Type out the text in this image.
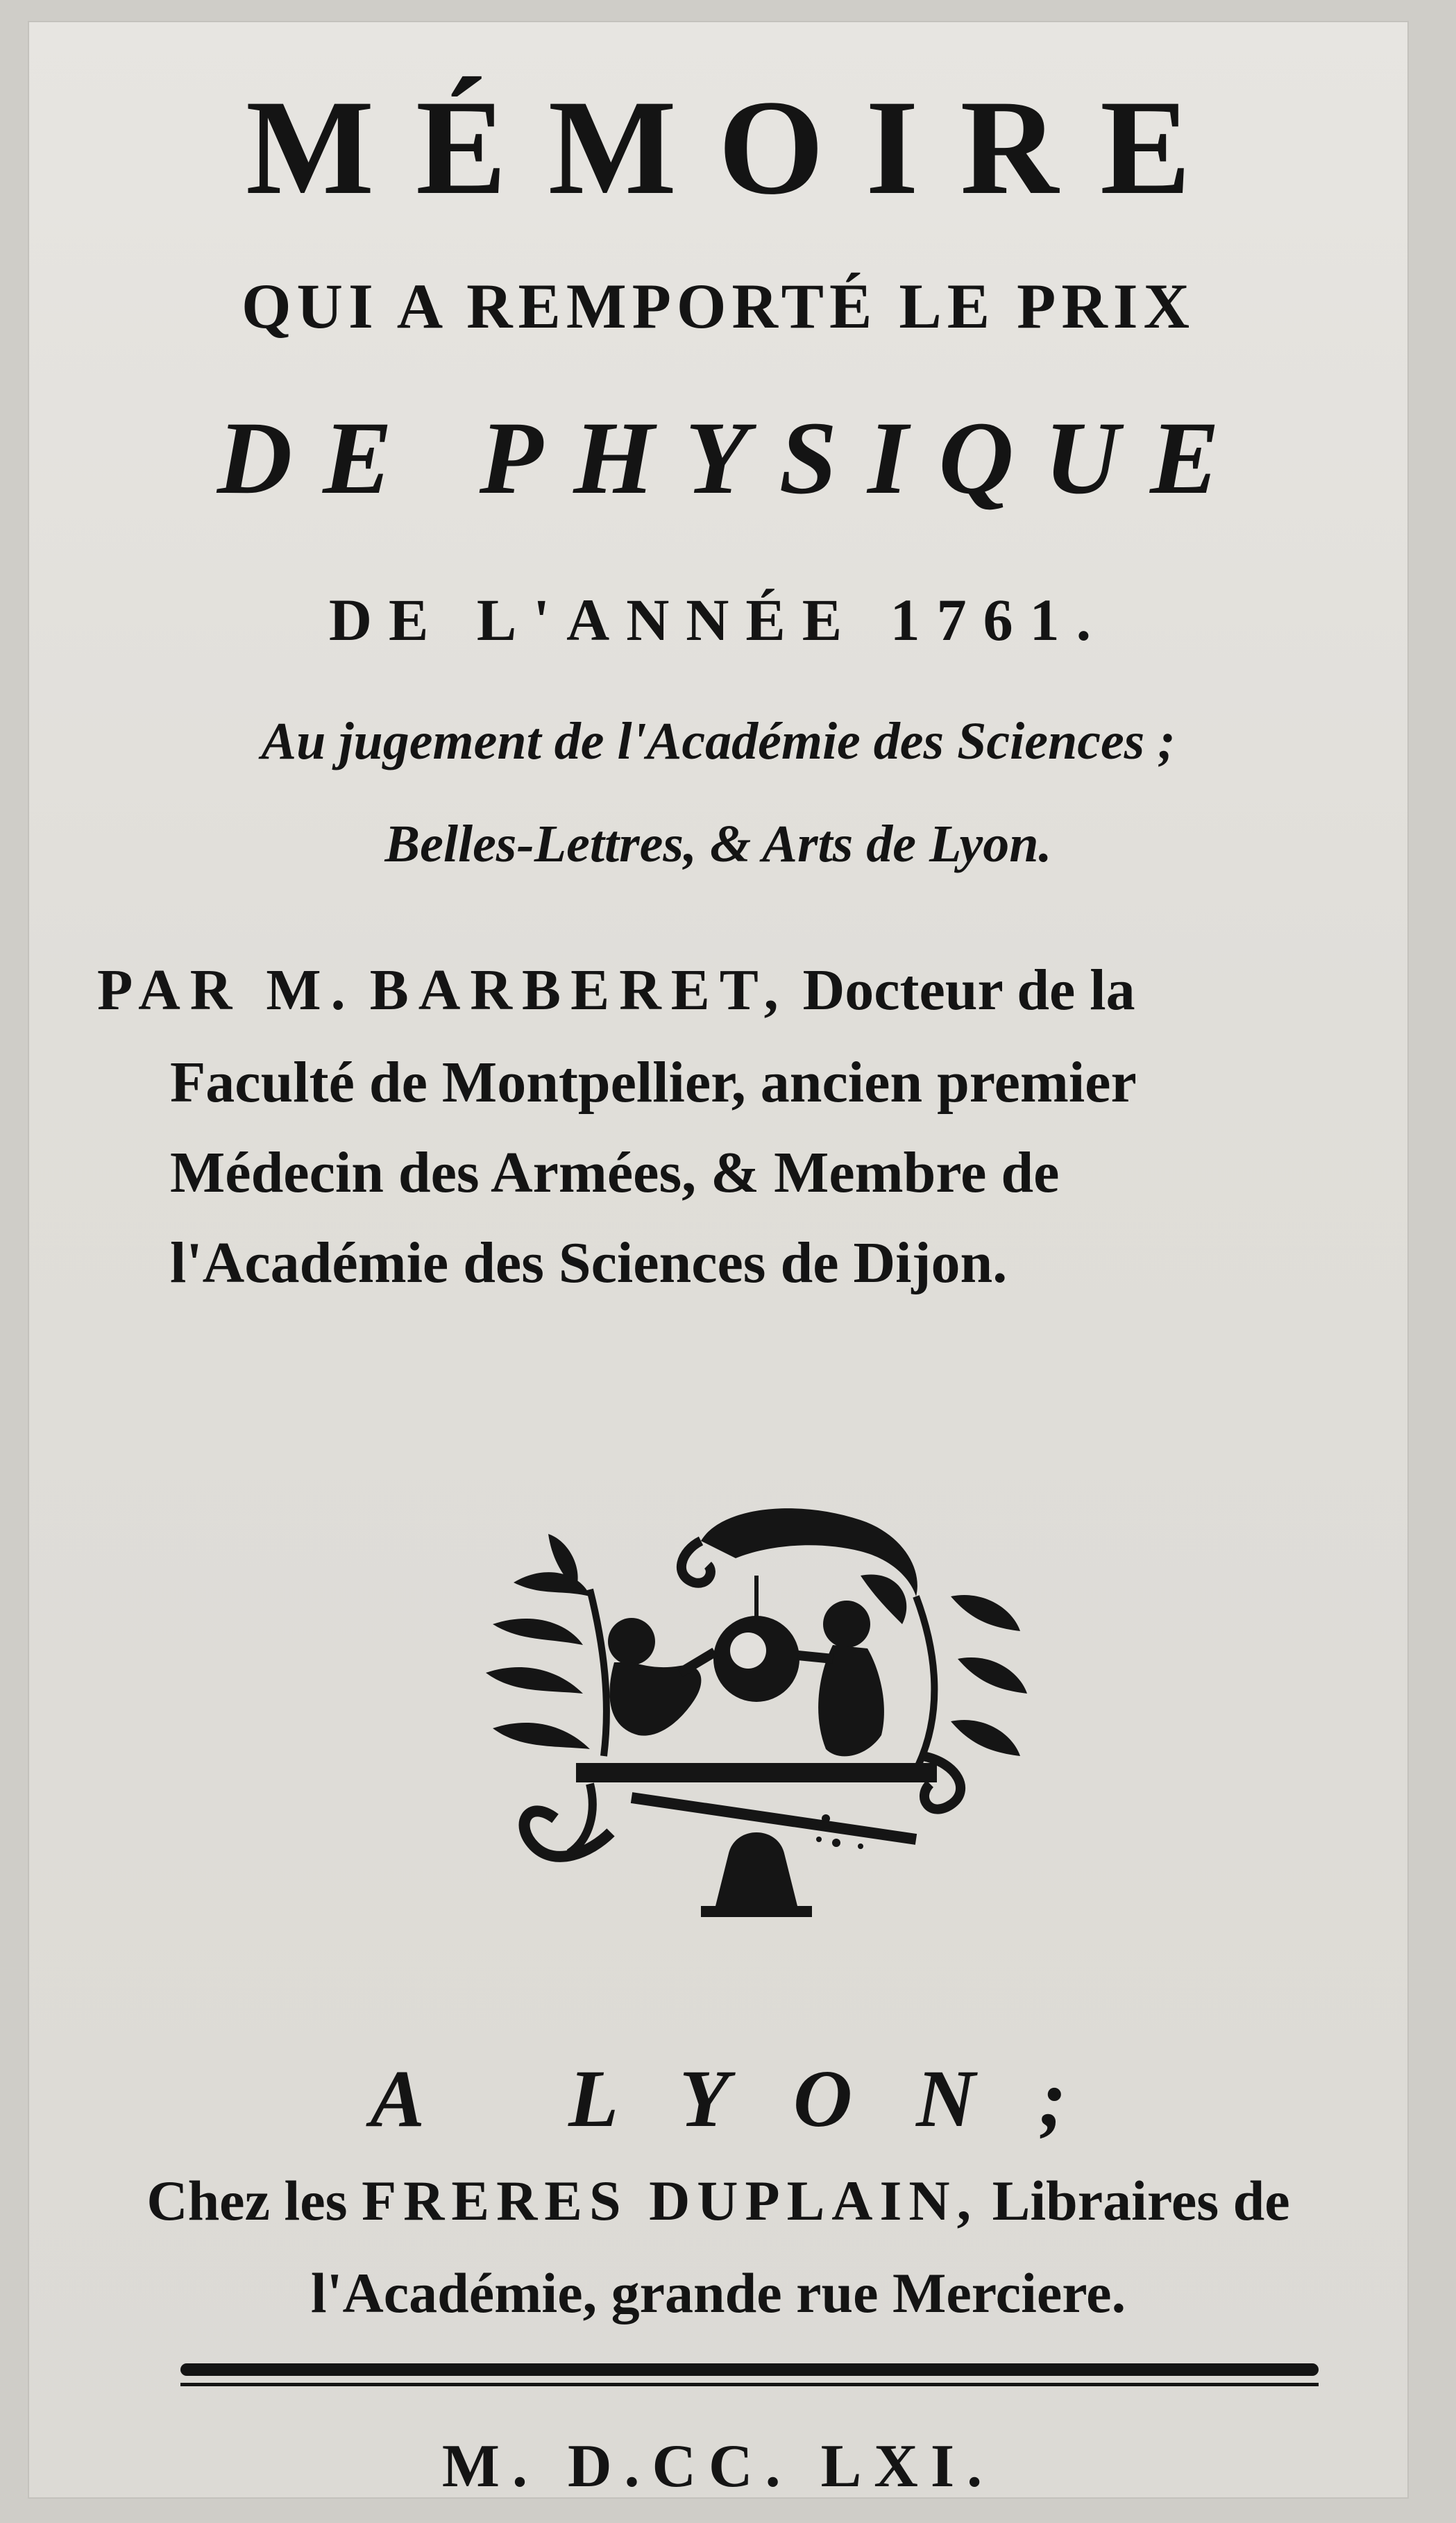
MÉMOIRE
QUI A REMPORTÉ LE PRIX
DE PHYSIQUE
DE L'ANNÉE 1761.
Au jugement de l'Académie des Sciences ;
Belles-Lettres, & Arts de Lyon.
PAR M. BARBERET, Docteur de la
Faculté de Montpellier, ancien premier
Médecin des Armées, & Membre de
l'Académie des Sciences de Dijon.
A LYON;
Chez les FRERES DUPLAIN, Libraires de
l'Académie, grande rue Merciere.
M. D.CC. LXI.
